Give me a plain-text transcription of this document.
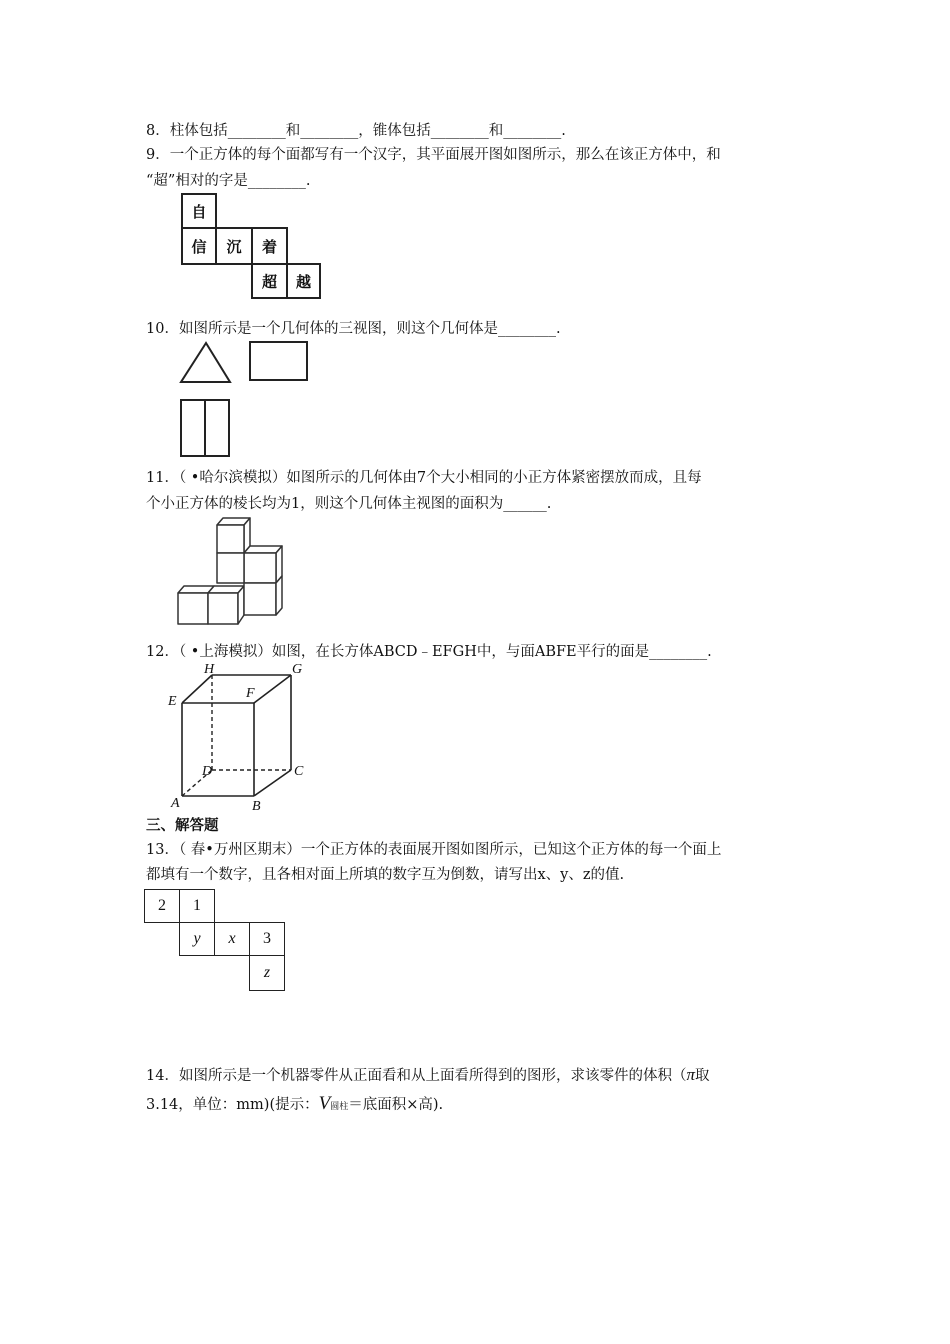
8．柱体包括________和________，锥体包括________和________.
9．一个正方体的每个面都写有一个汉字，其平面展开图如图所示，那么在该正方体中，和
“超”相对的字是________.
自
信	沉	着
超	越
10．如图所示是一个几何体的三视图，则这个几何体是________.
11．（ •哈尔滨模拟）如图所示的几何体由7个大小相同的小正方体紧密摆放而成，且每
个小正方体的棱长均为1，则这个几何体主视图的面积为______.
12．（ •上海模拟）如图，在长方体ABCD﹣EFGH中，与面ABFE平行的面是________.
H	G
E
F
D	C
A	B
三、解答题
13．（ 春•万州区期末）一个正方体的表面展开图如图所示，已知这个正方体的每一个面上
都填有一个数字，且各相对面上所填的数字互为倒数，请写出x、y、z的值.
2	1
y	x	3
z
14．如图所示是一个机器零件从正面看和从上面看所得到的图形，求该零件的体积（π取
3.14，单位：mm)(提示：V圆柱＝底面积×高).
